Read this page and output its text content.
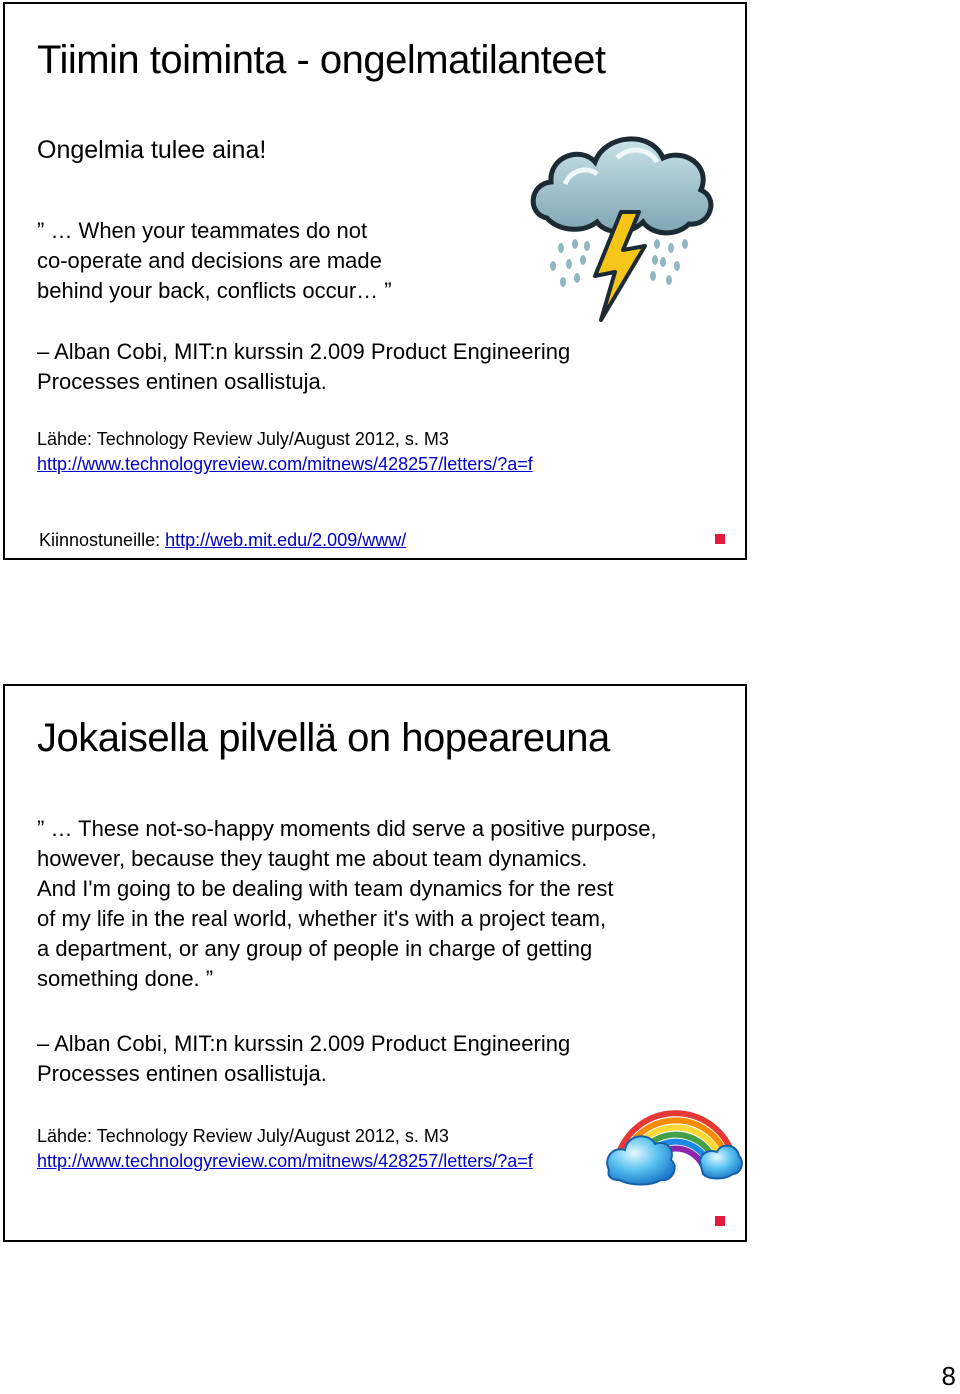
Tiimin toiminta - ongelmatilanteet
Ongelmia tulee aina!
” … When your teammates do not
co-operate and decisions are made
behind your back, conflicts occur… ”
– Alban Cobi, MIT:n kurssin 2.009 Product Engineering
Processes entinen osallistuja.
Lähde: Technology Review July/August 2012, s. M3
http://www.technologyreview.com/mitnews/428257/letters/?a=f
Kiinnostuneille: http://web.mit.edu/2.009/www/
Jokaisella pilvellä on hopeareuna
” … These not-so-happy moments did serve a positive purpose,
however, because they taught me about team dynamics.
And I'm going to be dealing with team dynamics for the rest
of my life in the real world, whether it's with a project team,
a department, or any group of people in charge of getting
something done. ”
– Alban Cobi, MIT:n kurssin 2.009 Product Engineering
Processes entinen osallistuja.
Lähde: Technology Review July/August 2012, s. M3
http://www.technologyreview.com/mitnews/428257/letters/?a=f
8
